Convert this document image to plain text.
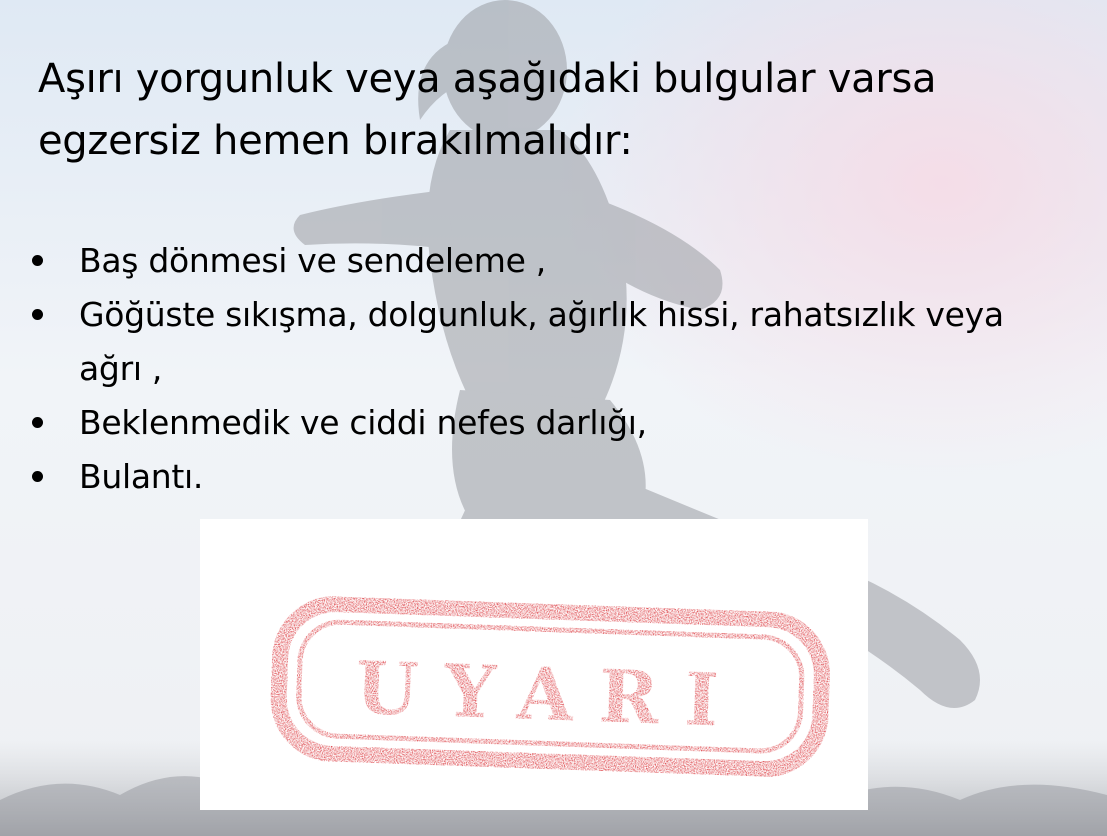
Aşırı yorgunluk veya aşağıdaki bulgular varsa egzersiz hemen bırakılmalıdır:
Baş dönmesi ve sendeleme ,
Göğüste sıkışma, dolgunluk, ağırlık hissi, rahatsızlık veya ağrı ,
Beklenmedik ve ciddi nefes darlığı,
Bulantı.
UYARI
